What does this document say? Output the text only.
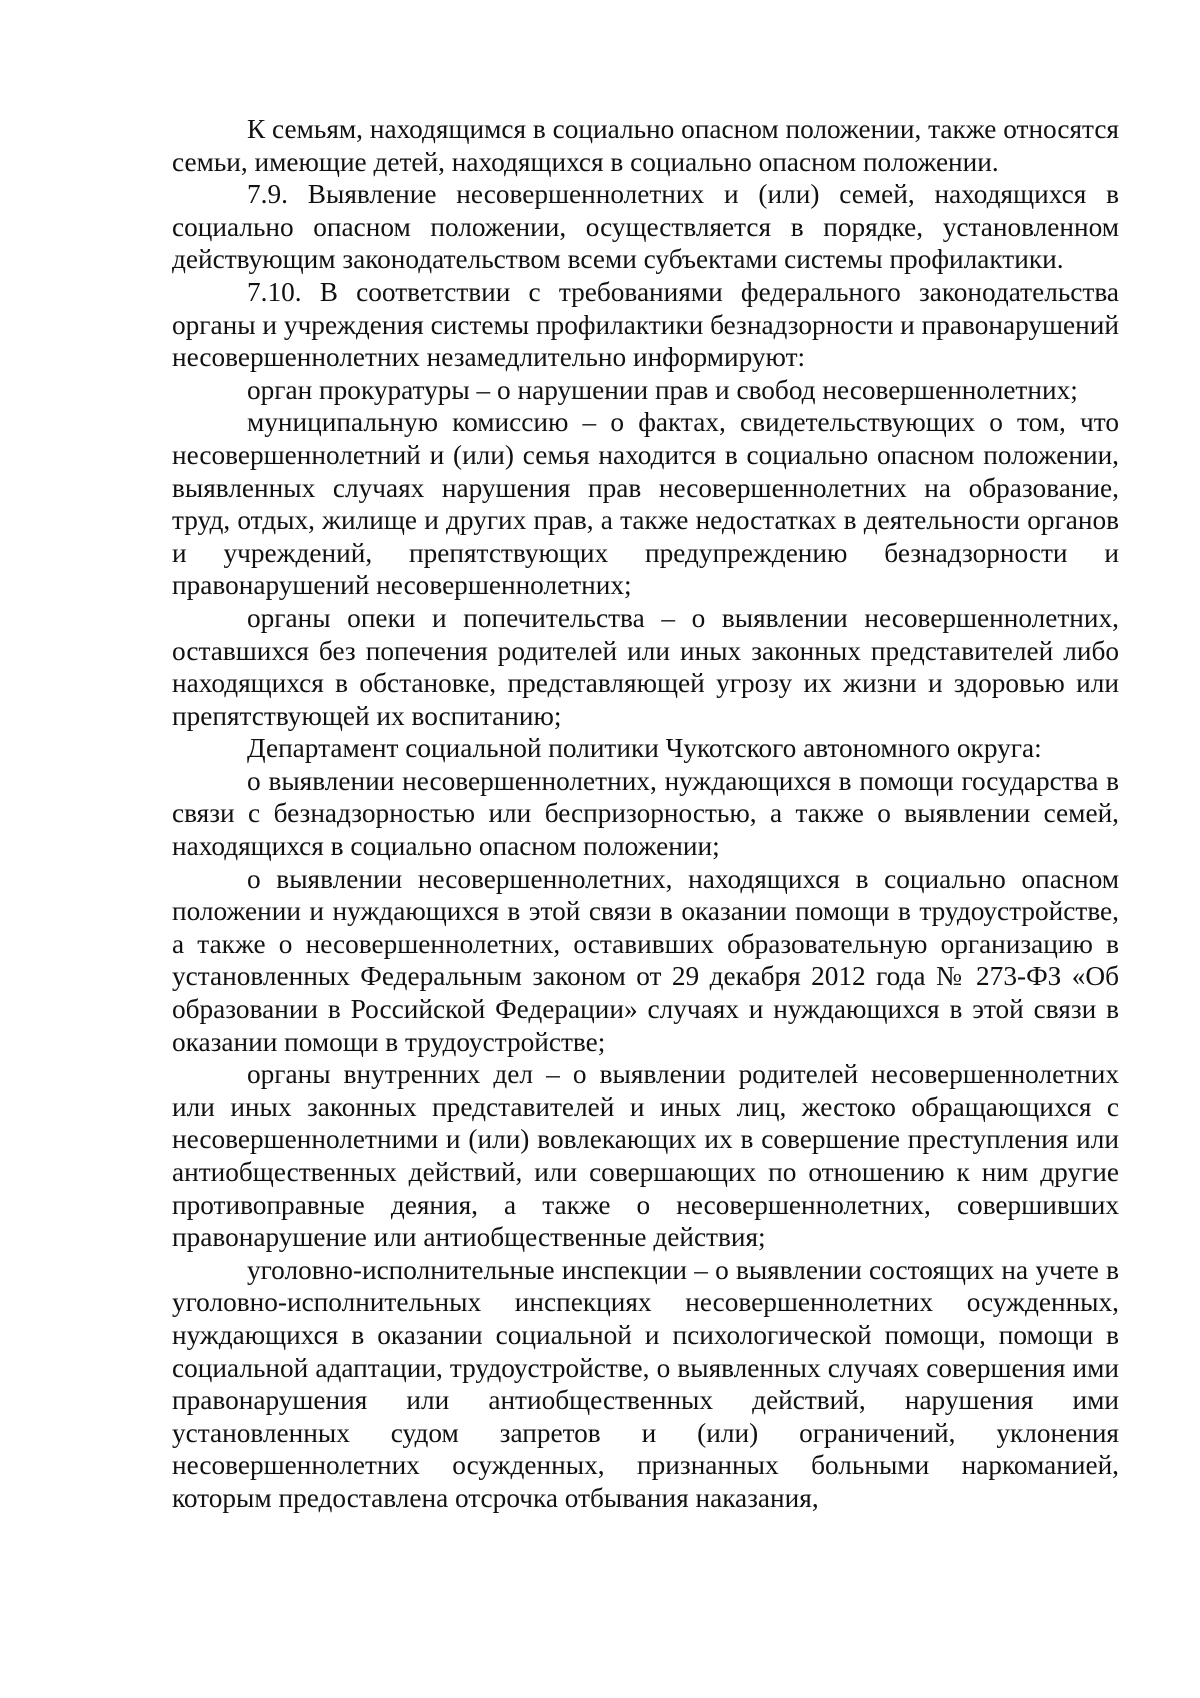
К семьям, находящимся в социально опасном положении, также относятся семьи, имеющие детей, находящихся в социально опасном положении.

7.9. Выявление несовершеннолетних и (или) семей, находящихся в социально опасном положении, осуществляется в порядке, установленном действующим законодательством всеми субъектами системы профилактики.

7.10. В соответствии с требованиями федерального законодательства органы и учреждения системы профилактики безнадзорности и правонарушений несовершеннолетних незамедлительно информируют:

орган прокуратуры – о нарушении прав и свобод несовершеннолетних;

муниципальную комиссию – о фактах, свидетельствующих о том, что несовершеннолетний и (или) семья находится в социально опасном положении, выявленных случаях нарушения прав несовершеннолетних на образование, труд, отдых, жилище и других прав, а также недостатках в деятельности органов и учреждений, препятствующих предупреждению безнадзорности и правонарушений несовершеннолетних;

органы опеки и попечительства – о выявлении несовершеннолетних, оставшихся без попечения родителей или иных законных представителей либо находящихся в обстановке, представляющей угрозу их жизни и здоровью или препятствующей их воспитанию;

Департамент социальной политики Чукотского автономного округа:

о выявлении несовершеннолетних, нуждающихся в помощи государства в связи с безнадзорностью или беспризорностью, а также о выявлении семей, находящихся в социально опасном положении;

о выявлении несовершеннолетних, находящихся в социально опасном положении и нуждающихся в этой связи в оказании помощи в трудоустройстве, а также о несовершеннолетних, оставивших образовательную организацию в установленных Федеральным законом от 29 декабря 2012 года № 273-ФЗ «Об образовании в Российской Федерации» случаях и нуждающихся в этой связи в оказании помощи в трудоустройстве;

органы внутренних дел – о выявлении родителей несовершеннолетних или иных законных представителей и иных лиц, жестоко обращающихся с несовершеннолетними и (или) вовлекающих их в совершение преступления или антиобщественных действий, или совершающих по отношению к ним другие противоправные деяния, а также о несовершеннолетних, совершивших правонарушение или антиобщественные действия;

уголовно-исполнительные инспекции – о выявлении состоящих на учете в уголовно-исполнительных инспекциях несовершеннолетних осужденных, нуждающихся в оказании социальной и психологической помощи, помощи в социальной адаптации, трудоустройстве, о выявленных случаях совершения ими правонарушения или антиобщественных действий, нарушения ими установленных судом запретов и (или) ограничений, уклонения несовершеннолетних осужденных, признанных больными наркоманией, которым предоставлена отсрочка отбывания наказания,
